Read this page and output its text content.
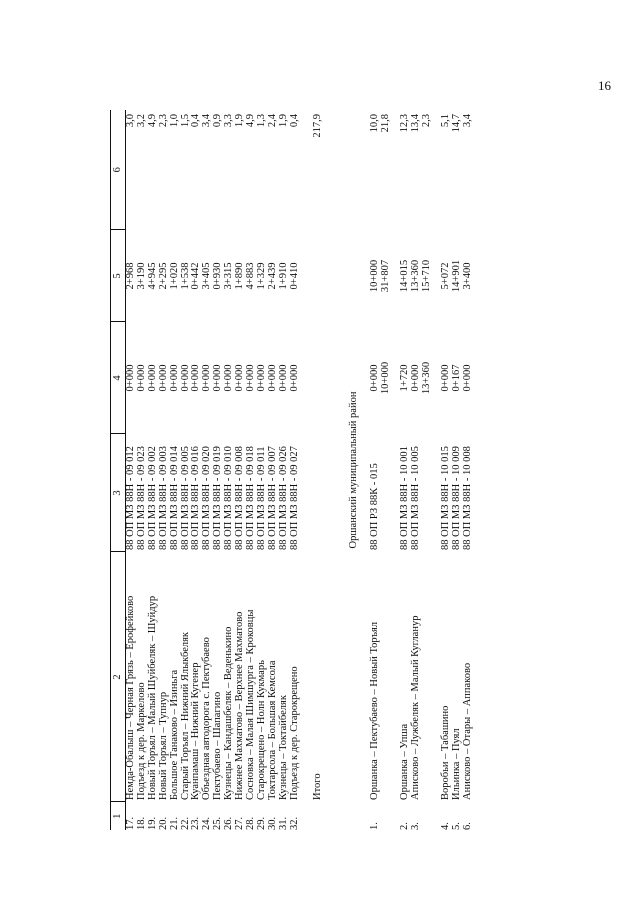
16
1	2	3	4	5	6
17.	Немда-Обалыш – Черная Грязь – Ерофейково	88 ОП МЗ 88Н - 09 012	0+000	2+968	3,0
18.	Подъезд к дер. Маркелово	88 ОП МЗ 88Н - 09 023	0+000	3+190	3,2
19.	Новый Торъял – Малый Шуйбеляк – Шуйдур	88 ОП МЗ 88Н - 09 002	0+000	4+945	4,9
20.	Новый Торъял – Тупнур	88 ОП МЗ 88Н - 09 003	0+000	2+295	2,3
21.	Большое Танаково – Изиньга	88 ОП МЗ 88Н - 09 014	0+000	1+020	1,0
22.	Старый Торъял – Нижний Ялыкбеляк	88 ОП МЗ 88Н - 09 005	0+000	1+538	1,5
23.	Куанпамаш – Нижний Кугенер	88 ОП МЗ 88Н - 09 016	0+000	0+442	0,4
24.	Объездная автодорога с. Пектубаево	88 ОП МЗ 88Н - 09 020	0+000	3+405	3,4
25.	Пектубаево – Шапагино	88 ОП МЗ 88Н - 09 019	0+000	0+930	0,9
26.	Кузнецы – Кандашбеляк – Веденькино	88 ОП МЗ 88Н - 09 010	0+000	3+315	3,3
27.	Нижнее Махматово – Верхнее Махматово	88 ОП МЗ 88Н - 09 008	0+000	1+890	1,9
28.	Сосновка – Малая Шимшурга – Кроковцы	88 ОП МЗ 88Н - 09 018	0+000	4+883	4,9
29.	Старокрещено – Нолн Кукмарь	88 ОП МЗ 88Н - 09 011	0+000	1+329	1,3
30.	Токтарсола – Большая Кемсола	88 ОП МЗ 88Н - 09 007	0+000	2+439	2,4
31.	Кузнецы – Токтайбеляк	88 ОП МЗ 88Н - 09 026	0+000	1+910	1,9
32.	Подъезд к дер. Старокрещено	88 ОП МЗ 88Н - 09 027	0+000	0+410	0,4
	Итого				217,9
Оршанский муниципальный район					
1.	Оршанка – Пектубаево – Новый Торъял	88 ОП РЗ 88К - 015	0+000	10+000	10,0
			10+000	31+807	21,8

2.	Оршанка – Упша	88 ОП МЗ 88Н - 10 001	1+720	14+015	12,3
3.	Аписково – Лужбеляк – Малый Кугланур	88 ОП МЗ 88Н - 10 005	0+000	13+360	13,4
			13+360	15+710	2,3

4.	Воробьи – Табашино	88 ОП МЗ 88Н - 10 015	0+000	5+072	5,1
5.	Ильинка – Пуял	88 ОП МЗ 88Н - 10 009	0+167	14+901	14,7
6.	Анисково – Отары – Аппаково	88 ОП МЗ 88Н - 10 008	0+000	3+400	3,4
